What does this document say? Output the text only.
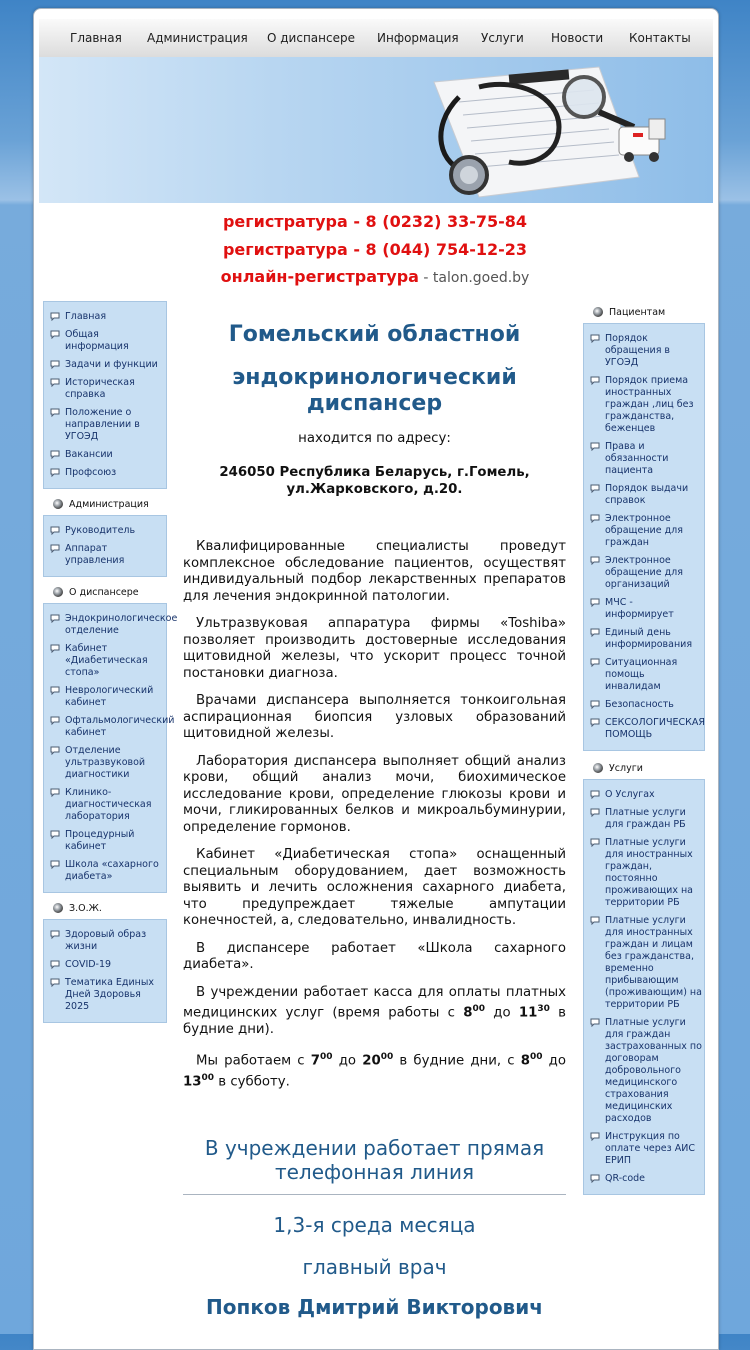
Главная Администрация О диспансере Информация Услуги Новости Контакты
регистратура - 8 (0232) 33-75-84
регистратура - 8 (044) 754-12-23
онлайн-регистратура - talon.goed.by
Главная
Общая информация
Задачи и функции
Историческая справка
Положение о направлении в УГОЭД
Вакансии
Профсоюз
Администрация
Руководитель
Аппарат управления
О диспансере
Эндокринологическое отделение
Кабинет «Диабетическая стопа»
Неврологический кабинет
Офтальмологический кабинет
Отделение ультразвуковой диагностики
Клинико-диагностическая лаборатория
Процедурный кабинет
Школа «сахарного диабета»
З.О.Ж.
Здоровый образ жизни
COVID-19
Тематика Единых Дней Здоровья 2025
Пациентам
Порядок обращения в УГОЭД
Порядок приема иностранных граждан ,лиц без гражданства, беженцев
Права и обязанности пациента
Порядок выдачи справок
Электронное обращение для граждан
Электронное обращение для организаций
МЧС - информирует
Единый день информирования
Ситуационная помощь инвалидам
Безопасность
СЕКСОЛОГИЧЕСКАЯ ПОМОЩЬ
Услуги
О Услугах
Платные услуги для граждан РБ
Платные услуги для иностранных граждан, постоянно проживающих на территории РБ
Платные услуги для иностранных граждан и лицам без гражданства, временно прибывающим (проживающим) на территории РБ
Платные услуги для граждан застрахованных по договорам добровольного медицинского страхования медицинских расходов
Инструкция по оплате через АИС ЕРИП
QR-code
Гомельский областной
эндокринологический диспансер
находится по адресу:
246050 Республика Беларусь, г.Гомель, ул.Жарковского, д.20.

Квалифицированные специалисты проведут комплексное обследование пациентов, осуществят индивидуальный подбор лекарственных препаратов для лечения эндокринной патологии.

Ультразвуковая аппаратура фирмы «Toshiba» позволяет производить достоверные исследования щитовидной железы, что ускорит процесс точной постановки диагноза.

Врачами диспансера выполняется тонкоигольная аспирационная биопсия узловых образований щитовидной железы.

Лаборатория диспансера выполняет общий анализ крови, общий анализ мочи, биохимическое исследование крови, определение глюкозы крови и мочи, гликированных белков и микроальбуминурии, определение гормонов.

Кабинет «Диабетическая стопа» оснащенный специальным оборудованием, дает возможность выявить и лечить осложнения сахарного диабета, что предупреждает тяжелые ампутации конечностей, а, следовательно, инвалидность.

В диспансере работает «Школа сахарного диабета».

В учреждении работает касса для оплаты платных медицинских услуг (время работы с $8^{00}$ до $11^{30}$ в будние дни).

Мы работаем с $7^{00}$ до $20^{00}$ в будние дни, с $8^{00}$ до $13^{00}$ в субботу.

В учреждении работает прямая телефонная линия
1,3-я среда месяца
главный врач
Попков Дмитрий Викторович
